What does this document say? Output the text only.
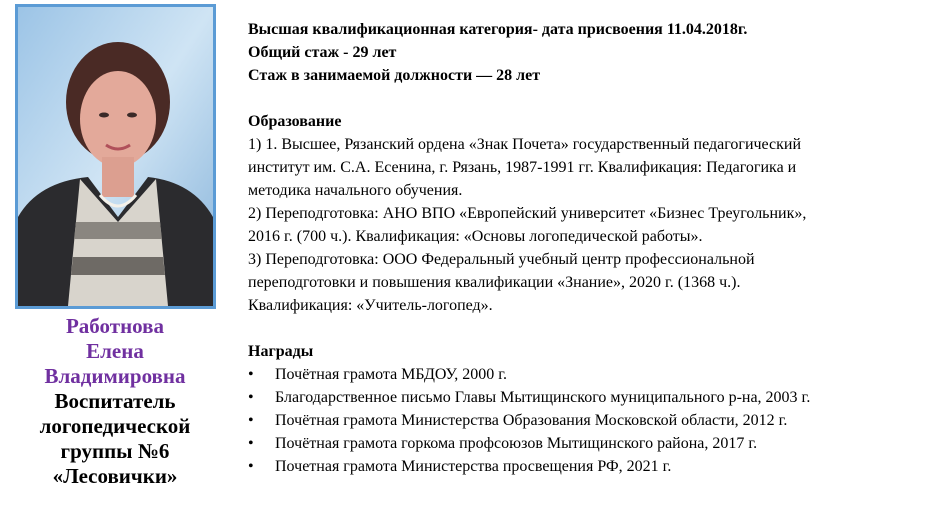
Работнова
Елена
Владимировна
Воспитатель
логопедической
группы №6
«Лесовички»

Высшая квалификационная категория- дата присвоения 11.04.2018г.

Общий стаж - 29 лет

Стаж в занимаемой должности — 28 лет

Образование

1) 1. Высшее, Рязанский ордена «Знак Почета» государственный педагогический

институт им. С.А. Есенина, г. Рязань, 1987-1991 гг. Квалификация: Педагогика и

методика начального обучения.

2) Переподготовка: АНО ВПО «Европейский университет «Бизнес Треугольник»,

2016 г. (700 ч.). Квалификация: «Основы логопедической работы».

3) Переподготовка: ООО Федеральный учебный центр профессиональной

переподготовки и повышения квалификации «Знание», 2020 г. (1368 ч.).

Квалификация: «Учитель-логопед».

Награды

• Почётная грамота МБДОУ, 2000 г.
• Благодарственное письмо Главы Мытищинского муниципального р-на, 2003 г.
• Почётная грамота Министерства Образования Московской области, 2012 г.
• Почётная грамота горкома профсоюзов Мытищинского района, 2017 г.
• Почетная грамота Министерства просвещения РФ, 2021 г.
